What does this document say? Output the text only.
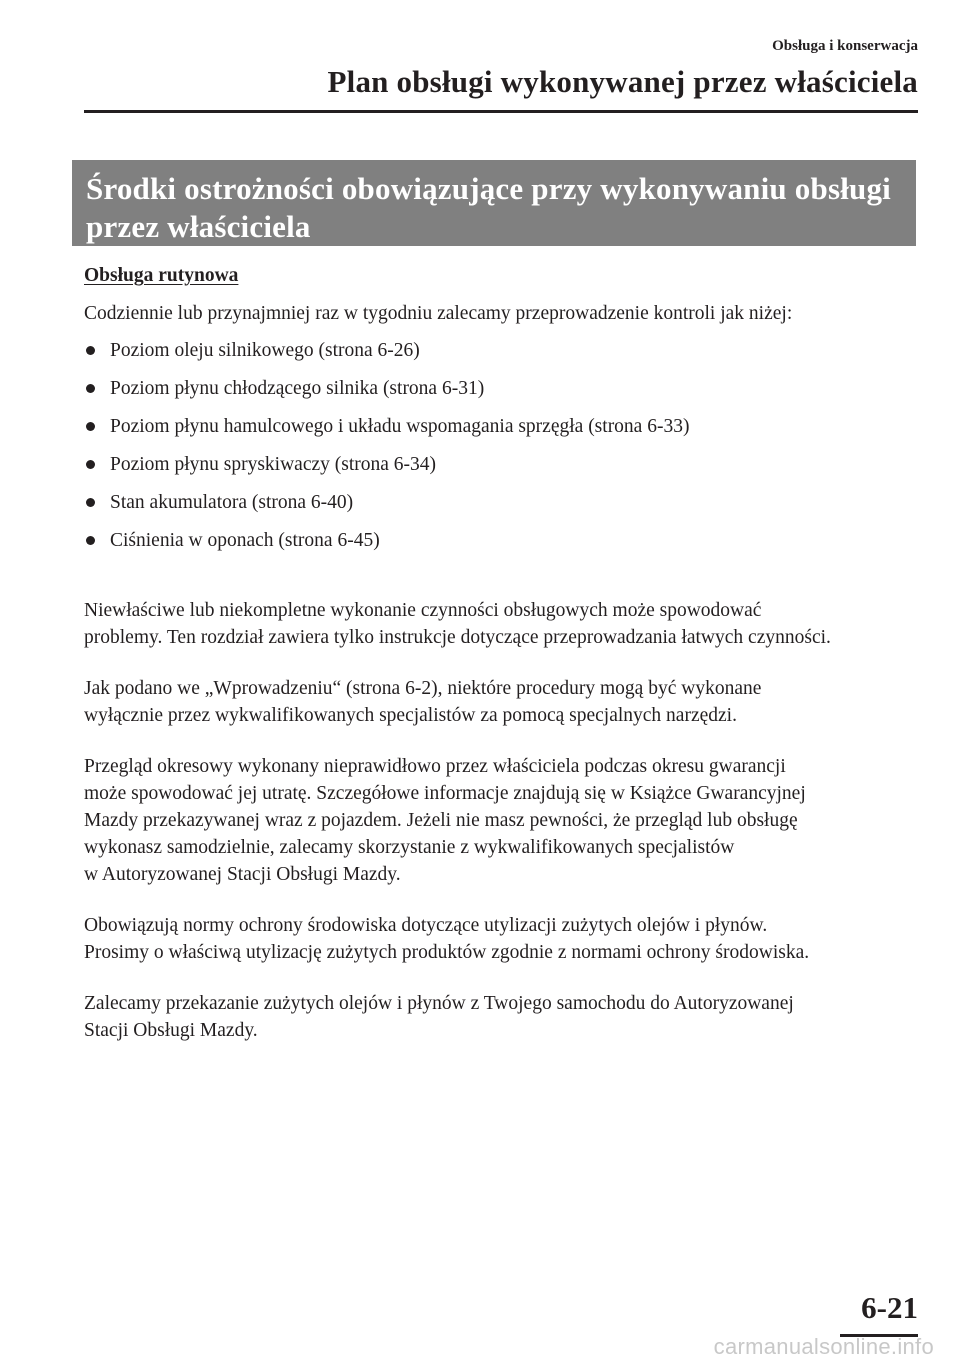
Obsługa i konserwacja
Plan obsługi wykonywanej przez właściciela
Środki ostrożności obowiązujące przy wykonywaniu obsługi
przez właściciela
Obsługa rutynowa
Codziennie lub przynajmniej raz w tygodniu zalecamy przeprowadzenie kontroli jak niżej:
Poziom oleju silnikowego (strona 6-26)
Poziom płynu chłodzącego silnika (strona 6-31)
Poziom płynu hamulcowego i układu wspomagania sprzęgła (strona 6-33)
Poziom płynu spryskiwaczy (strona 6-34)
Stan akumulatora (strona 6-40)
Ciśnienia w oponach (strona 6-45)
Niewłaściwe lub niekompletne wykonanie czynności obsługowych może spowodować
problemy. Ten rozdział zawiera tylko instrukcje dotyczące przeprowadzania łatwych czynności.
Jak podano we „Wprowadzeniu“ (strona 6-2), niektóre procedury mogą być wykonane
wyłącznie przez wykwalifikowanych specjalistów za pomocą specjalnych narzędzi.
Przegląd okresowy wykonany nieprawidłowo przez właściciela podczas okresu gwarancji
może spowodować jej utratę. Szczegółowe informacje znajdują się w Książce Gwarancyjnej
Mazdy przekazywanej wraz z pojazdem. Jeżeli nie masz pewności, że przegląd lub obsługę
wykonasz samodzielnie, zalecamy skorzystanie z wykwalifikowanych specjalistów
w Autoryzowanej Stacji Obsługi Mazdy.
Obowiązują normy ochrony środowiska dotyczące utylizacji zużytych olejów i płynów.
Prosimy o właściwą utylizację zużytych produktów zgodnie z normami ochrony środowiska.
Zalecamy przekazanie zużytych olejów i płynów z Twojego samochodu do Autoryzowanej
Stacji Obsługi Mazdy.
6-21
carmanualsonline.info
